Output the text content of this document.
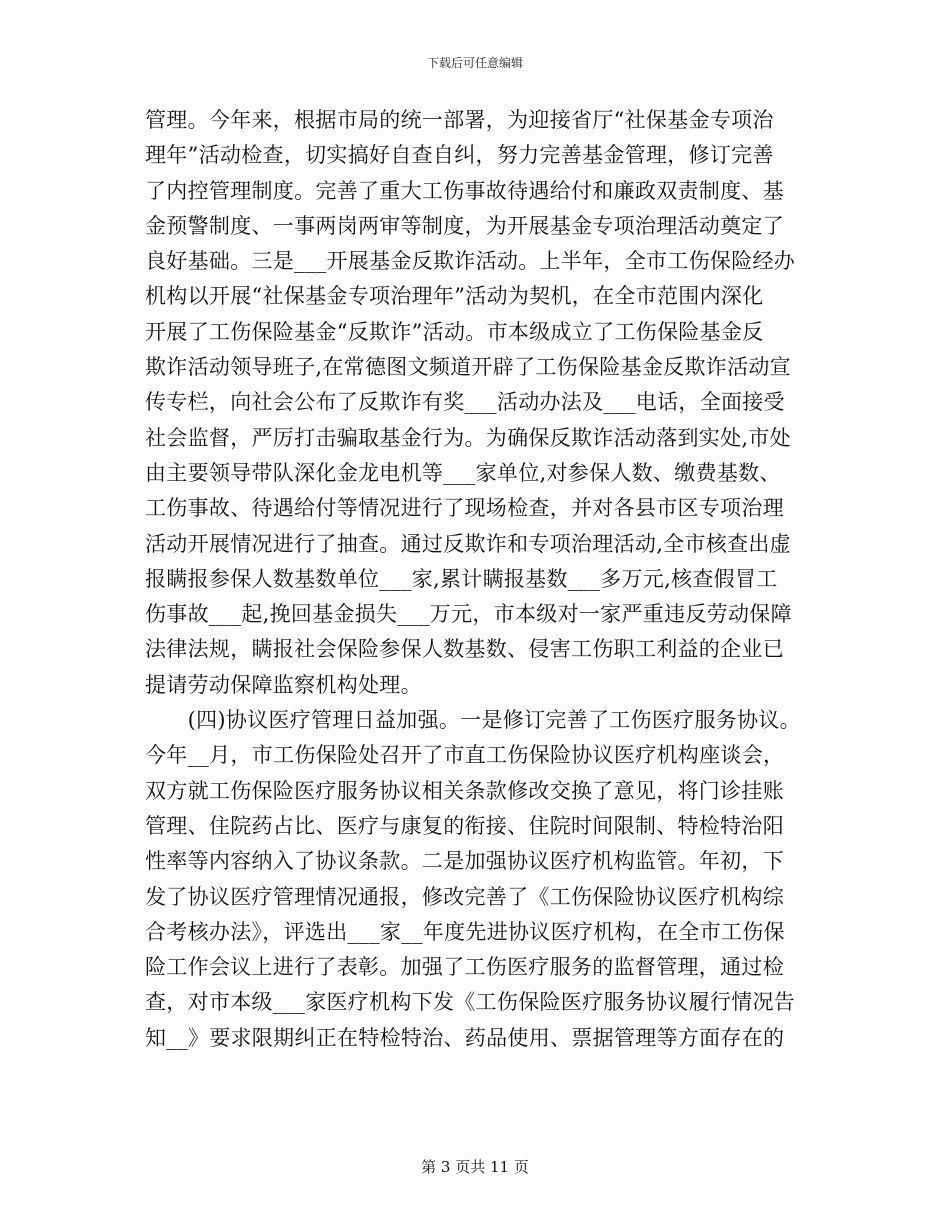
下载后可任意编辑
管理。今年来，根据市局的统一部署，为迎接省厅“社保基金专项治
理年”活动检查，切实搞好自查自纠，努力完善基金管理，修订完善
了内控管理制度。完善了重大工伤事故待遇给付和廉政双责制度、基
金预警制度、一事两岗两审等制度，为开展基金专项治理活动奠定了
良好基础。三是___开展基金反欺诈活动。上半年，全市工伤保险经办
机构以开展“社保基金专项治理年”活动为契机，在全市范围内深化
开展了工伤保险基金“反欺诈”活动。市本级成立了工伤保险基金反
欺诈活动领导班子,在常德图文频道开辟了工伤保险基金反欺诈活动宣
传专栏，向社会公布了反欺诈有奖___活动办法及___电话，全面接受
社会监督，严厉打击骗取基金行为。为确保反欺诈活动落到实处,市处
由主要领导带队深化金龙电机等___家单位,对参保人数、缴费基数、
工伤事故、待遇给付等情况进行了现场检查，并对各县市区专项治理
活动开展情况进行了抽查。通过反欺诈和专项治理活动,全市核查出虚
报瞒报参保人数基数单位___家,累计瞒报基数___多万元,核查假冒工
伤事故___起,挽回基金损失___万元，市本级对一家严重违反劳动保障
法律法规，瞒报社会保险参保人数基数、侵害工伤职工利益的企业已
提请劳动保障监察机构处理。
　　(四)协议医疗管理日益加强。一是修订完善了工伤医疗服务协议。
今年__月，市工伤保险处召开了市直工伤保险协议医疗机构座谈会，
双方就工伤保险医疗服务协议相关条款修改交换了意见，将门诊挂账
管理、住院药占比、医疗与康复的衔接、住院时间限制、特检特治阳
性率等内容纳入了协议条款。二是加强协议医疗机构监管。年初，下
发了协议医疗管理情况通报，修改完善了《工伤保险协议医疗机构综
合考核办法》，评选出___家__年度先进协议医疗机构，在全市工伤保
险工作会议上进行了表彰。加强了工伤医疗服务的监督管理，通过检
查，对市本级___家医疗机构下发《工伤保险医疗服务协议履行情况告
知__》要求限期纠正在特检特治、药品使用、票据管理等方面存在的
第 3 页共 11 页
